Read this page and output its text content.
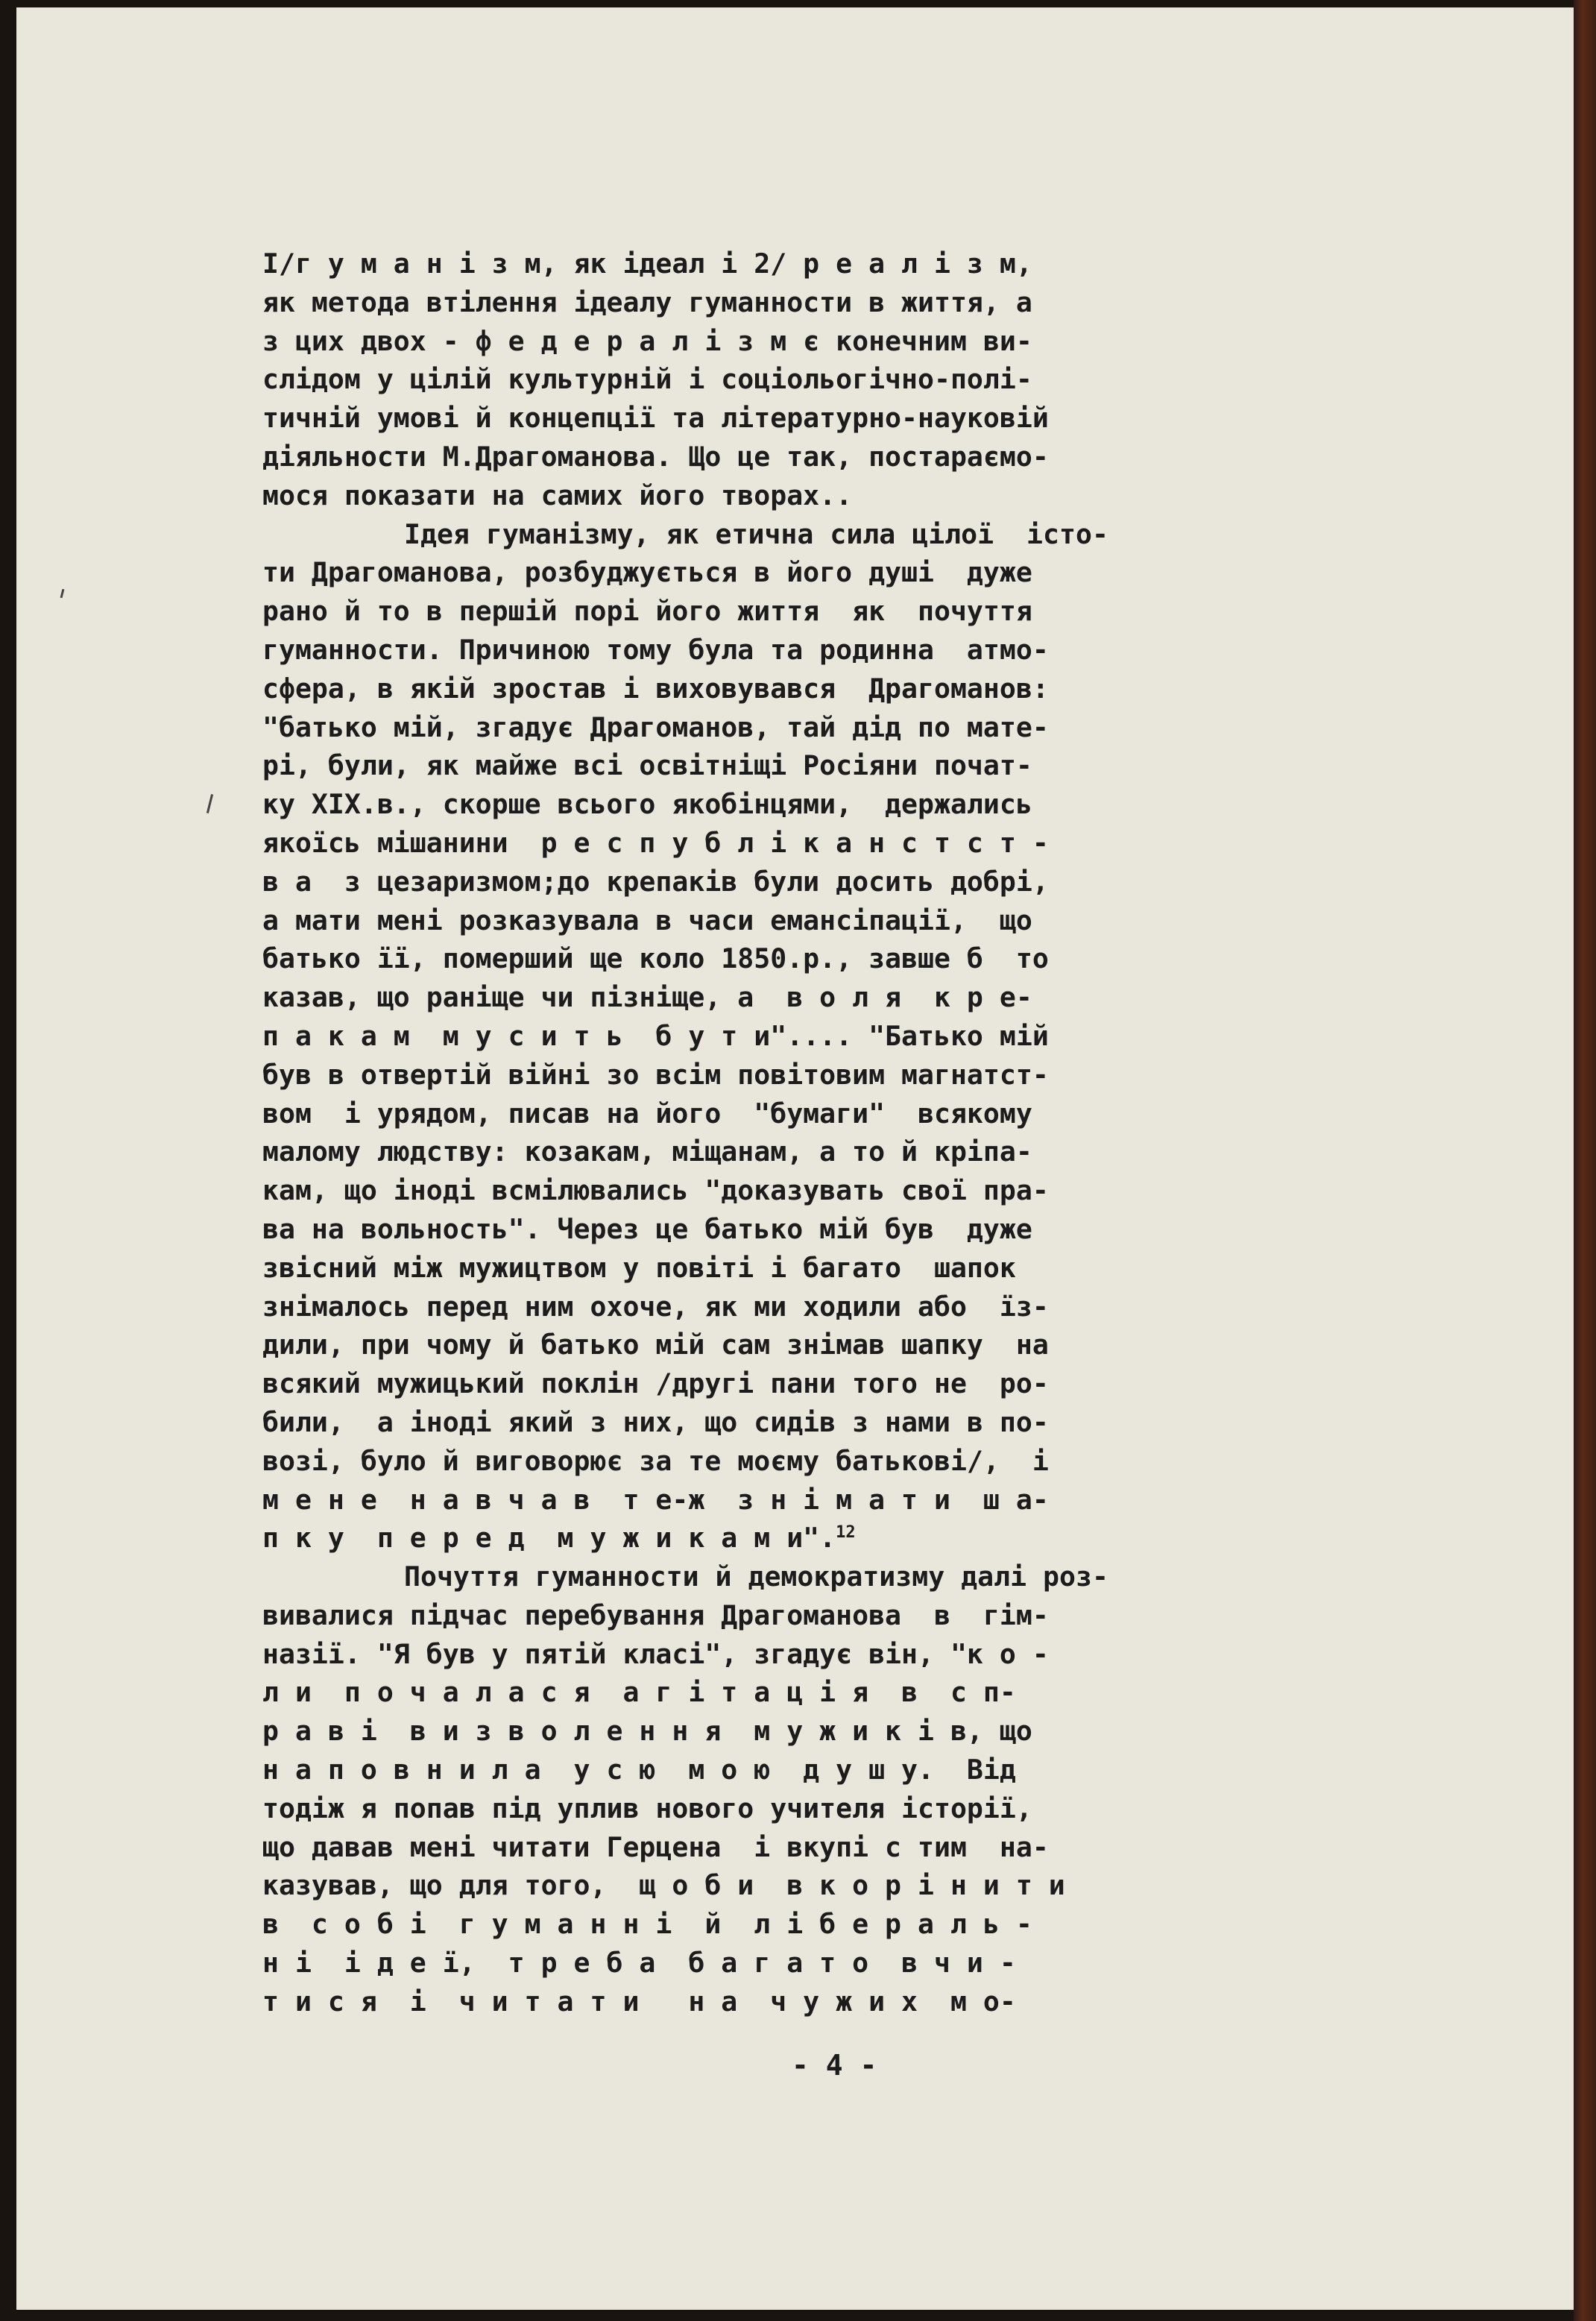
I/г у м а н і з м, як ідеал і 2/ р е а л і з м,
як метода втілення ідеалу гуманности в життя, а
з цих двох - ф е д е р а л і з м є конечним ви-
слідом у цілій культурній і соціольогічно-полі-
тичній умові й концепції та літературно-науковій
діяльности М.Драгоманова. Що це так, постараємо-
мося показати на самих його творах..
Ідея гуманізму, як етична сила цілої  істо-
ти Драгоманова, розбуджується в його душі  дуже
рано й то в першій порі його життя  як  почуття
гуманности. Причиною тому була та родинна  атмо-
сфера, в якій зростав і виховувався  Драгоманов:
"батько мій, згадує Драгоманов, тай дід по мате-
рі, були, як майже всі освітніщі Росіяни почат-
ку XIX.в., скорше всього якобінцями,  держались
якоїсь мішанини  р е с п у б л і к а н с т с т -
в а  з цезаризмом;до крепаків були досить добрі,
а мати мені розказувала в часи емансіпації,  що
батько її, померший ще коло 1850.р., завше б  то
казав, що раніще чи пізніще, а  в о л я  к р е-
п а к а м  м у с и т ь  б у т и".... "Батько мій
був в отвертій війні зо всім повітовим магнатст-
вом  і урядом, писав на його  "бумаги"  всякому
малому людству: козакам, міщанам, а то й кріпа-
кам, що іноді всмілювались "доказувать свої пра-
ва на вольность". Через це батько мій був  дуже
звісний між мужицтвом у повіті і багато  шапок
знімалось перед ним охоче, як ми ходили або  їз-
дили, при чому й батько мій сам знімав шапку  на
всякий мужицький поклін /другі пани того не  ро-
били,  а іноді який з них, що сидів з нами в по-
возі, було й виговорює за те моєму батькові/,  і
м е н е  н а в ч а в  т е-ж  з н і м а т и  ш а-
п к у  п е р е д  м у ж и к а м и".$^{12}$
Почуття гуманности й демократизму далі роз-
вивалися підчас перебування Драгоманова  в  гім-
назії. "Я був у пятій класі", згадує він, "к о -
л и  п о ч а л а с я  а г і т а ц і я  в  с п-
р а в і  в и з в о л е н н я  м у ж и к і в, що
н а п о в н и л а  у с ю  м о ю  д у ш у.  Від
тодіж я попав під уплив нового учителя історії,
що давав мені читати Герцена  і вкупі с тим  на-
казував, що для того,  щ о б и  в к о р і н и т и
в  с о б і  г у м а н н і  й  л і б е р а л ь -
н і  і д е ї,  т р е б а  б а г а т о  в ч и -
т и с я  і  ч и т а т и   н а  ч у ж и х  м о-
- 4 -
